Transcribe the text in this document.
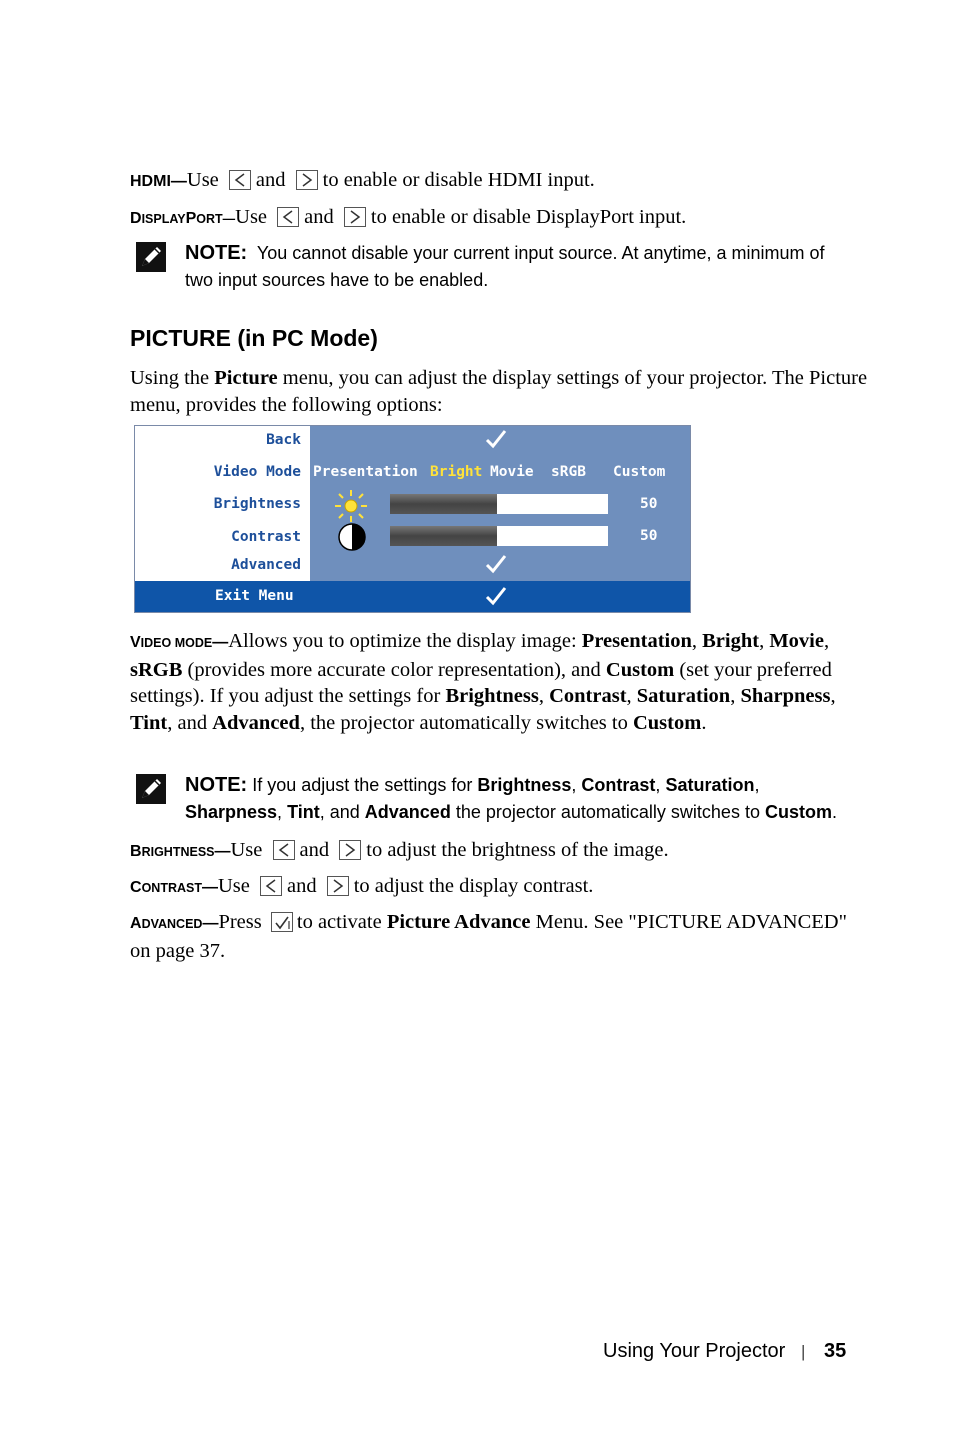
HDMI—Use and to enable or disable HDMI input.
DISPLAYPORT—Use and to enable or disable DisplayPort input.
NOTE: You cannot disable your current input source. At anytime, a minimum of
two input sources have to be enabled.
PICTURE (in PC Mode)
Using the Picture menu, you can adjust the display settings of your projector. The Picture menu, provides the following options:
Back
Video Mode
Brightness
Contrast
Advanced
Presentation Bright Movie sRGB Custom
50
50
Exit Menu
VIDEO MODE—Allows you to optimize the display image: Presentation, Bright, Movie, sRGB (provides more accurate color representation), and Custom (set your preferred settings). If you adjust the settings for Brightness, Contrast, Saturation, Sharpness, Tint, and Advanced, the projector automatically switches to Custom.
NOTE: If you adjust the settings for Brightness, Contrast, Saturation,
Sharpness, Tint, and Advanced the projector automatically switches to Custom.
BRIGHTNESS—Use and to adjust the brightness of the image.
CONTRAST—Use and to adjust the display contrast.
ADVANCED—Press to activate Picture Advance Menu. See "PICTURE ADVANCED" on page 37.
Using Your Projector | 35
